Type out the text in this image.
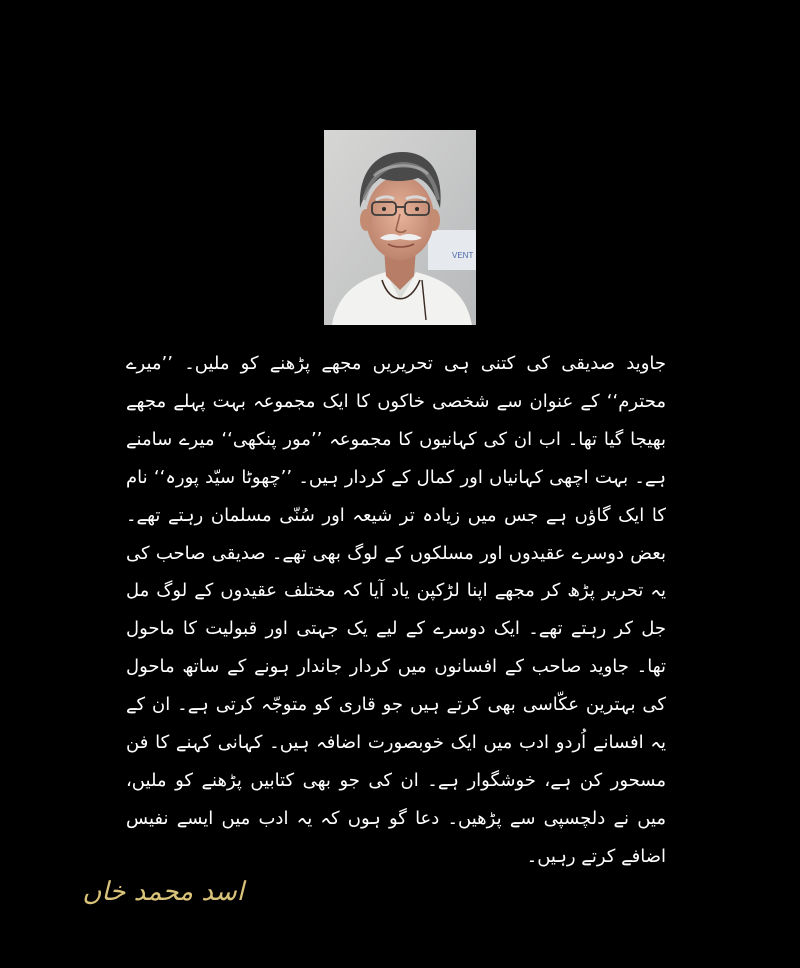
VENT

جاوید صدیقی کی کتنی ہی تحریریں مجھے پڑھنے کو ملیں۔ ’’میرے محترم‘‘ کے عنوان سے شخصی خاکوں کا ایک مجموعہ بہت پہلے مجھے بھیجا گیا تھا۔ اب ان کی کہانیوں کا مجموعہ ’’مور پنکھی‘‘ میرے سامنے ہے۔ بہت اچھی کہانیاں اور کمال کے کردار ہیں۔ ’’چھوٹا سیّد پورہ‘‘ نام کا ایک گاؤں ہے جس میں زیادہ تر شیعہ اور سُنّی مسلمان رہتے تھے۔ بعض دوسرے عقیدوں اور مسلکوں کے لوگ بھی تھے۔ صدیقی صاحب کی یہ تحریر پڑھ کر مجھے اپنا لڑکپن یاد آیا کہ مختلف عقیدوں کے لوگ مل جل کر رہتے تھے۔ ایک دوسرے کے لیے یک جہتی اور قبولیت کا ماحول تھا۔ جاوید صاحب کے افسانوں میں کردار جاندار ہونے کے ساتھ ماحول کی بہترین عکّاسی بھی کرتے ہیں جو قاری کو متوجّہ کرتی ہے۔ ان کے یہ افسانے اُردو ادب میں ایک خوبصورت اضافہ ہیں۔ کہانی کہنے کا فن مسحور کن ہے، خوشگوار ہے۔ ان کی جو بھی کتابیں پڑھنے کو ملیں، میں نے دلچسپی سے پڑھیں۔ دعا گو ہوں کہ یہ ادب میں ایسے نفیس اضافے کرتے رہیں۔

اسد محمد خاں
